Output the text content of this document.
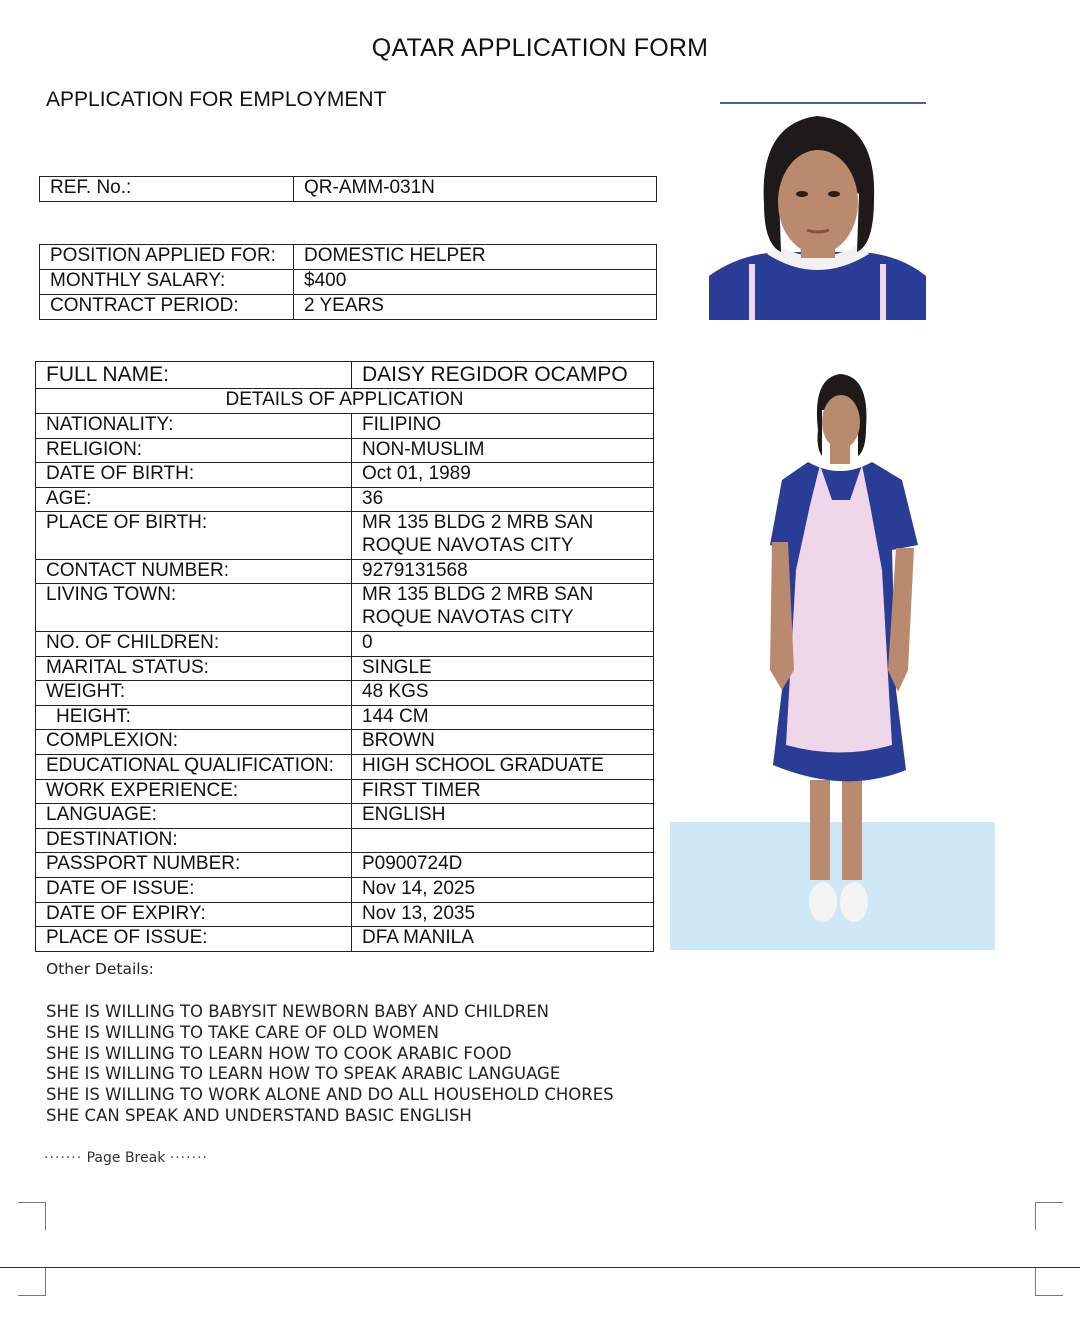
QATAR APPLICATION FORM
APPLICATION FOR EMPLOYMENT
REF. No.:	QR-AMM-031N
POSITION APPLIED FOR:	DOMESTIC HELPER
MONTHLY SALARY:	$400
CONTRACT PERIOD:	2 YEARS
FULL NAME:	DAISY REGIDOR OCAMPO
DETAILS OF APPLICATION	
NATIONALITY:	FILIPINO
RELIGION:	NON-MUSLIM
DATE OF BIRTH:	Oct 01, 1989
AGE:	36
PLACE OF BIRTH:	MR 135 BLDG 2 MRB SAN ROQUE NAVOTAS CITY
CONTACT NUMBER:	9279131568
LIVING TOWN:	MR 135 BLDG 2 MRB SAN ROQUE NAVOTAS CITY
NO. OF CHILDREN:	0
MARITAL STATUS:	SINGLE
WEIGHT:	48 KGS
HEIGHT:	144 CM
COMPLEXION:	BROWN
EDUCATIONAL QUALIFICATION:	HIGH SCHOOL GRADUATE
WORK EXPERIENCE:	FIRST TIMER
LANGUAGE:	ENGLISH
DESTINATION:	
PASSPORT NUMBER:	P0900724D
DATE OF ISSUE:	Nov 14, 2025
DATE OF EXPIRY:	Nov 13, 2035
PLACE OF ISSUE:	DFA MANILA
Other Details:
SHE IS WILLING TO BABYSIT NEWBORN BABY AND CHILDREN
SHE IS WILLING TO TAKE CARE OF OLD WOMEN
SHE IS WILLING TO LEARN HOW TO COOK ARABIC FOOD
SHE IS WILLING TO LEARN HOW TO SPEAK ARABIC LANGUAGE
SHE IS WILLING TO WORK ALONE AND DO ALL HOUSEHOLD CHORES
SHE CAN SPEAK AND UNDERSTAND BASIC ENGLISH
······· Page Break ·······
